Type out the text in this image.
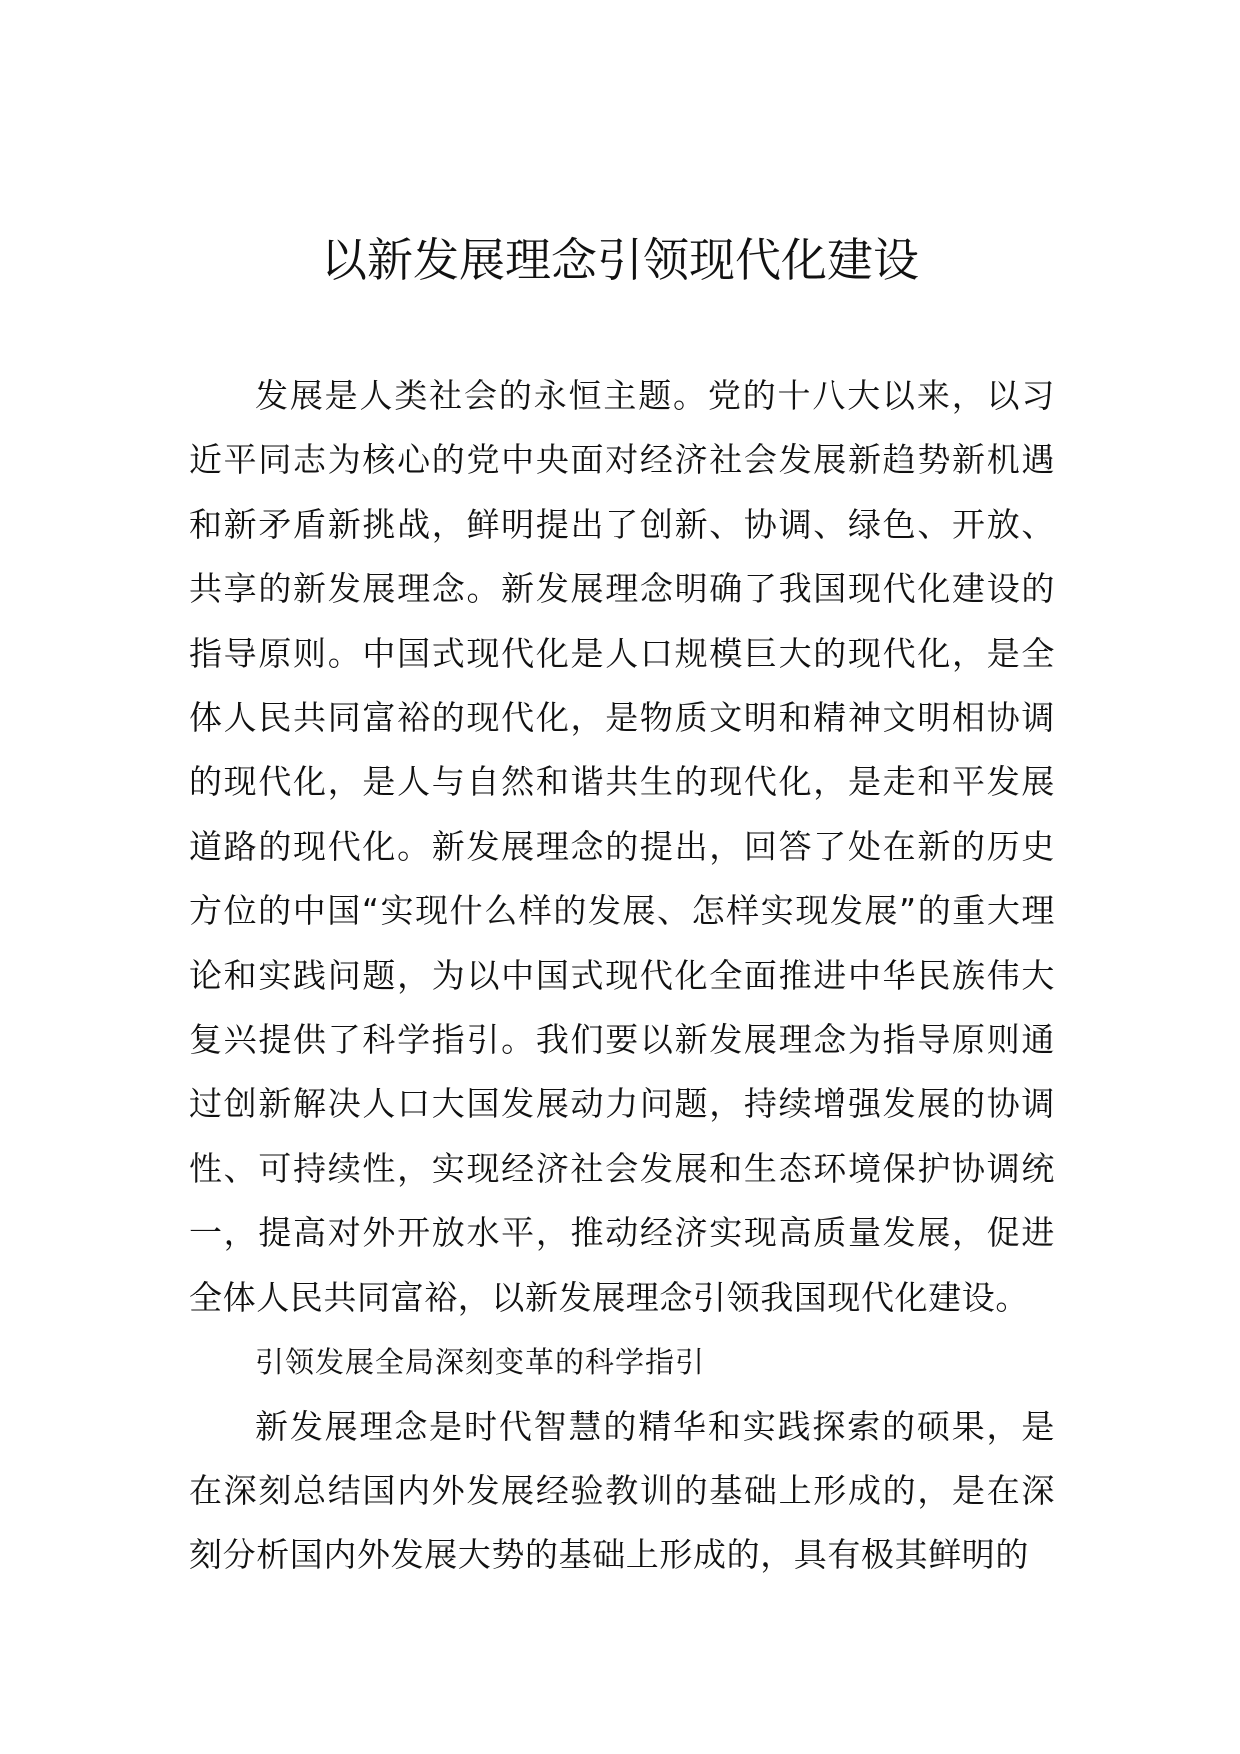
以新发展理念引领现代化建设

发展是人类社会的永恒主题。党的十八大以来，以习近平同志为核心的党中央面对经济社会发展新趋势新机遇和新矛盾新挑战，鲜明提出了创新、协调、绿色、开放、共享的新发展理念。新发展理念明确了我国现代化建设的指导原则。中国式现代化是人口规模巨大的现代化，是全体人民共同富裕的现代化，是物质文明和精神文明相协调的现代化，是人与自然和谐共生的现代化，是走和平发展道路的现代化。新发展理念的提出，回答了处在新的历史方位的中国“实现什么样的发展、怎样实现发展”的重大理论和实践问题，为以中国式现代化全面推进中华民族伟大复兴提供了科学指引。我们要以新发展理念为指导原则通过创新解决人口大国发展动力问题，持续增强发展的协调性、可持续性，实现经济社会发展和生态环境保护协调统一，提高对外开放水平，推动经济实现高质量发展，促进全体人民共同富裕，以新发展理念引领我国现代化建设。

引领发展全局深刻变革的科学指引

新发展理念是时代智慧的精华和实践探索的硕果，是在深刻总结国内外发展经验教训的基础上形成的，是在深刻分析国内外发展大势的基础上形成的，具有极其鲜明的
